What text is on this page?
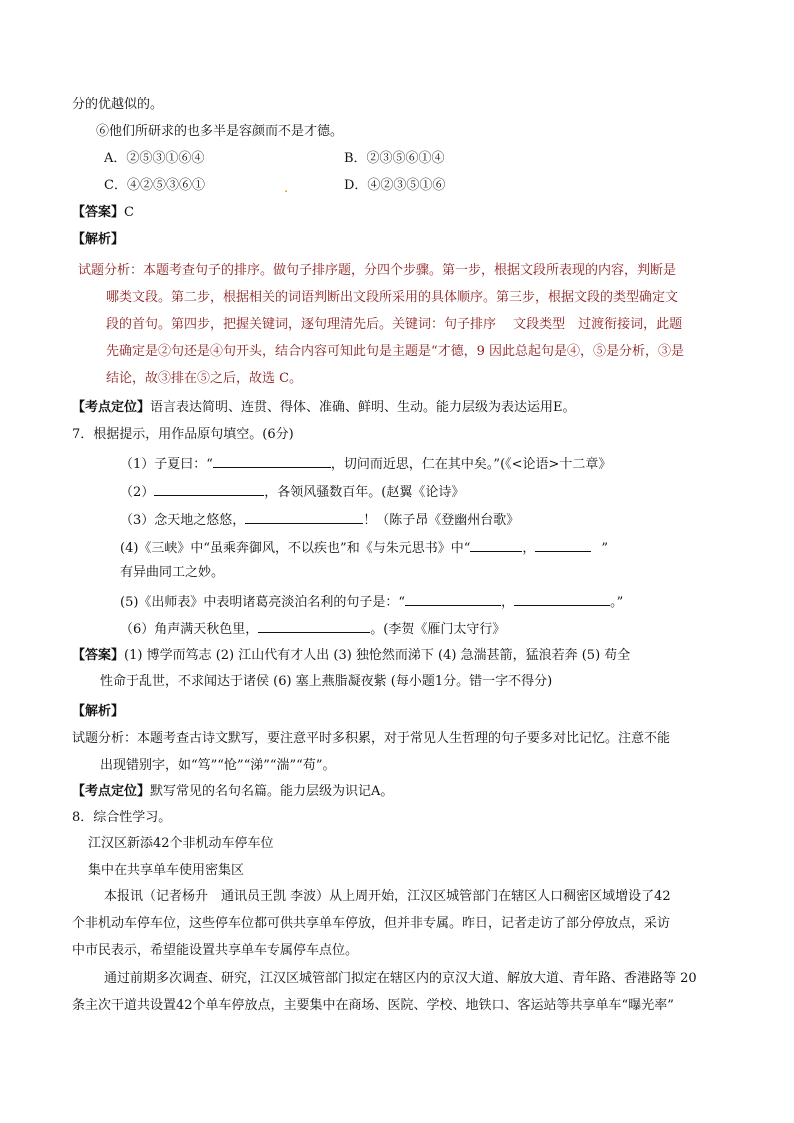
分的优越似的。
⑥他们所研求的也多半是容颜而不是才德。
A．②⑤③①⑥④	B．②③⑤⑥①④
C．④②⑤③⑥①	.	D．④②③⑤①⑥
【答案】C
【解析】
试题分析：本题考查句子的排序。做句子排序题，分四个步骤。第一步，根据文段所表现的内容，判断是
哪类文段。第二步，根据相关的词语判断出文段所采用的具体顺序。第三步，根据文段的类型确定文
段的首句。第四步，把握关键词，逐句理清先后。关键词：句子排序　 文段类型　过渡衔接词，此题
先确定是②句还是④句开头，结合内容可知此句是主题是“才德，9 因此总起句是④，⑤是分析，③是
结论，故③排在⑤之后，故选 C。
【考点定位】语言表达简明、连贯、得体、准确、鲜明、生动。能力层级为表达运用E。
7．根据提示，用作品原句填空。(6分)
（1）子夏曰：“	，切问而近思，仁在其中矣。”(《<论语>十二章》
（2）	，各领风骚数百年。(赵翼《论诗》
（3）念天地之悠悠，	！（陈子昂《登幽州台歌》
(4)《三峡》中“虽乘奔御风，不以疾也”和《与朱元思书》中“	，	”
有异曲同工之妙。
(5)《出师表》中表明诸葛亮淡泊名利的句子是：“	，	。”
（6）角声满天秋色里，	。(李贺《雁门太守行》
【答案】(1) 博学而笃志 (2) 江山代有才人出 (3) 独怆然而涕下 (4) 急湍甚箭，猛浪若奔 (5) 苟全
性命于乱世，不求闻达于诸侯 (6) 塞上燕脂凝夜紫 (每小题1分。错一字不得分)
【解析】
试题分析：本题考查古诗文默写，要注意平时多积累，对于常见人生哲理的句子要多对比记忆。注意不能
出现错别字，如“笃”“怆”“涕”“湍”“苟”。
【考点定位】默写常见的名句名篇。能力层级为识记A。
8．综合性学习。
江汉区新添42个非机动车停车位
集中在共享单车使用密集区
本报讯（记者杨升　通讯员王凯 李波）从上周开始，江汉区城管部门在辖区人口稠密区域增设了42
个非机动车停车位，这些停车位都可供共享单车停放，但并非专属。昨日，记者走访了部分停放点，采访
中市民表示，希望能设置共享单车专属停车点位。
通过前期多次调查、研究，江汉区城管部门拟定在辖区内的京汉大道、解放大道、青年路、香港路等 20
条主次干道共设置42个单车停放点，主要集中在商场、医院、学校、地铁口、客运站等共享单车“曝光率”
